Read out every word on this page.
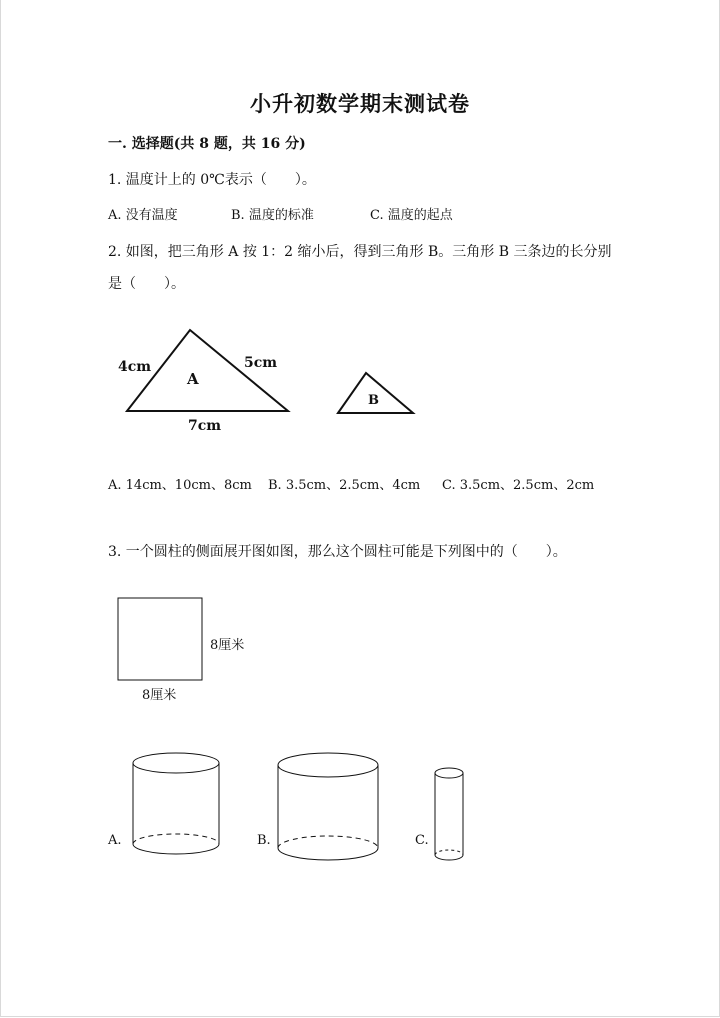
小升初数学期末测试卷
一. 选择题(共 8 题，共 16 分)
1. 温度计上的 0℃表示（　　）。
A. 没有温度	B. 温度的标准	C. 温度的起点
2. 如图，把三角形 A 按 1：2 缩小后，得到三角形 B。三角形 B 三条边的长分别
是（　　）。
4cm	5cm
A
7cm
B
A. 14cm、10cm、8cm B. 3.5cm、2.5cm、4cm C. 3.5cm、2.5cm、2cm
3. 一个圆柱的侧面展开图如图，那么这个圆柱可能是下列图中的（　　）。
8厘米
8厘米
A.	B.	C.
